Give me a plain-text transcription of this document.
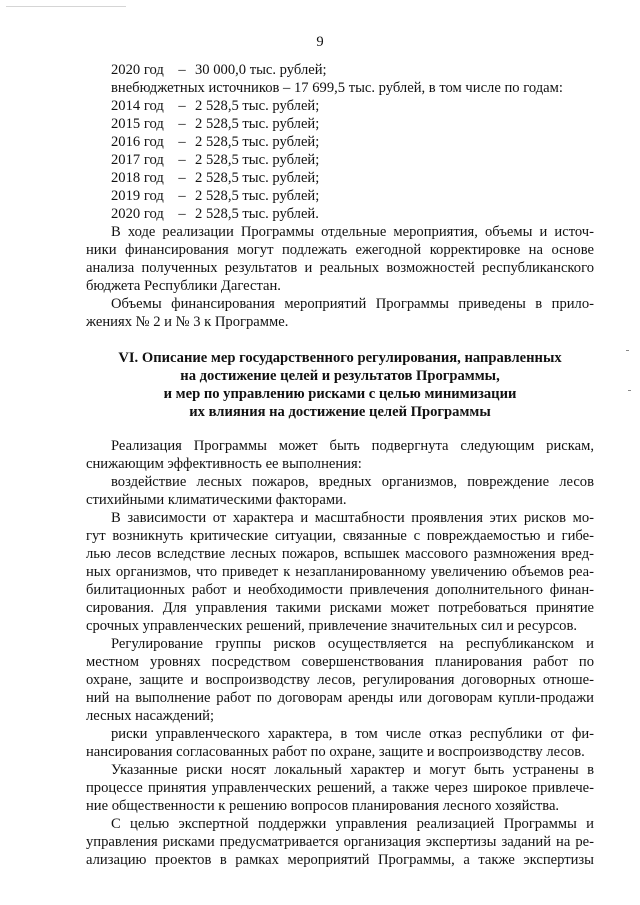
9
2020 год – 30 000,0 тыс. рублей;
внебюджетных источников – 17 699,5 тыс. рублей, в том числе по годам:
2014 год – 2 528,5 тыс. рублей;
2015 год – 2 528,5 тыс. рублей;
2016 год – 2 528,5 тыс. рублей;
2017 год – 2 528,5 тыс. рублей;
2018 год – 2 528,5 тыс. рублей;
2019 год – 2 528,5 тыс. рублей;
2020 год – 2 528,5 тыс. рублей.
В ходе реализации Программы отдельные мероприятия, объемы и источ-
ники финансирования могут подлежать ежегодной корректировке на основе
анализа полученных результатов и реальных возможностей республиканского
бюджета Республики Дагестан.
Объемы финансирования мероприятий Программы приведены в прило-
жениях № 2 и № 3 к Программе.
VI. Описание мер государственного регулирования, направленных
на достижение целей и результатов Программы,
и мер по управлению рисками с целью минимизации
их влияния на достижение целей Программы
Реализация Программы может быть подвергнута следующим рискам,
снижающим эффективность ее выполнения:
воздействие лесных пожаров, вредных организмов, повреждение лесов
стихийными климатическими факторами.
В зависимости от характера и масштабности проявления этих рисков мо-
гут возникнуть критические ситуации, связанные с повреждаемостью и гибе-
лью лесов вследствие лесных пожаров, вспышек массового размножения вред-
ных организмов, что приведет к незапланированному увеличению объемов реа-
билитационных работ и необходимости привлечения дополнительного финан-
сирования. Для управления такими рисками может потребоваться принятие
срочных управленческих решений, привлечение значительных сил и ресурсов.
Регулирование группы рисков осуществляется на республиканском и
местном уровнях посредством совершенствования планирования работ по
охране, защите и воспроизводству лесов, регулирования договорных отноше-
ний на выполнение работ по договорам аренды или договорам купли-продажи
лесных насаждений;
риски управленческого характера, в том числе отказ республики от фи-
нансирования согласованных работ по охране, защите и воспроизводству лесов.
Указанные риски носят локальный характер и могут быть устранены в
процессе принятия управленческих решений, а также через широкое привлече-
ние общественности к решению вопросов планирования лесного хозяйства.
С целью экспертной поддержки управления реализацией Программы и
управления рисками предусматривается организация экспертизы заданий на ре-
ализацию проектов в рамках мероприятий Программы, а также экспертизы
